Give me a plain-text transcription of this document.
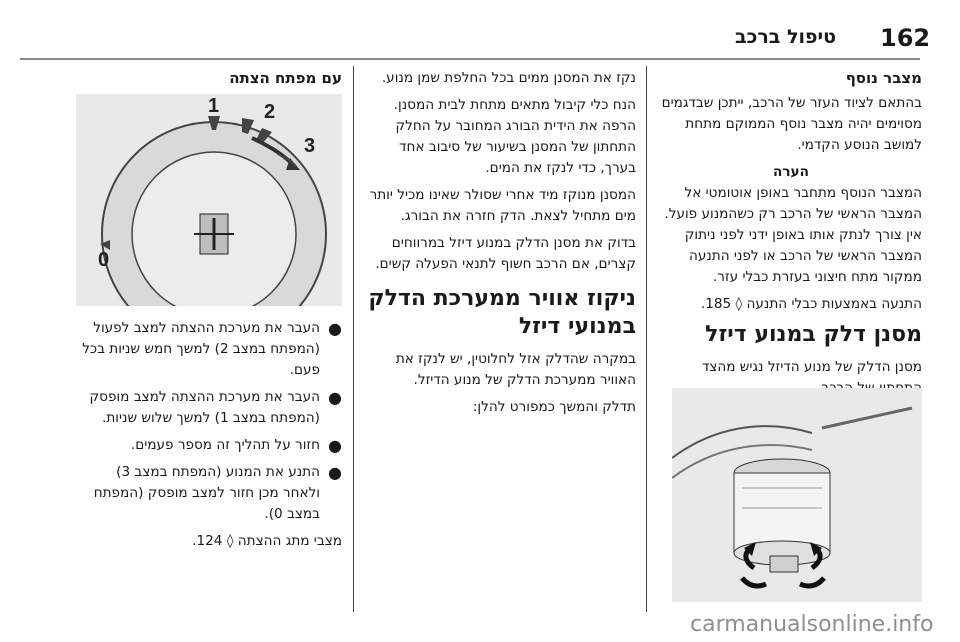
162
טיפול ברכב
מצבר נוסף

בהתאם לציוד העזר של הרכב, ייתכן שבדגמים מסוימים יהיה מצבר נוסף הממוקם מתחת למושב הנוסע הקדמי.

הערה

המצבר הנוסף מתחבר באופן אוטומטי אל המצבר הראשי של הרכב רק כשהמנוע פועל. אין צורך לנתק אותו באופן ידני לפני ניתוק המצבר הראשי של הרכב או לפני התנעה ממקור מתח חיצוני בעזרת כבלי עזר.

התנעה באמצעות כבלי התנעה ◊ 185.

מסנן דלק במנוע דיזל

מסנן הדלק של מנוע הדיזל נגיש מהצד

נקז את המסנן ממים בכל החלפת שמן מנוע.

הנח כלי קיבול מתאים מתחת לבית המסנן. הרפה את הידית הבורג המחובר על החלק התחתון של המסנן בשיעור של סיבוב אחד בערך, כדי לנקז את המים.

המסנן מנוקז מיד אחרי שסולר שאינו מכיל יותר מים מתחיל לצאת. הדק חזרה את הבורג.

בדוק את מסנן הדלק במנוע דיזל במרווחים קצרים, אם הרכב חשוף לתנאי הפעלה קשים.

ניקוז אוויר ממערכת הדלק במנועי דיזל

במקרה שהדלק אזל לחלוטין, יש לנקז את האוויר ממערכת הדלק של מנוע הדיזל.

תדלק והמשך כמפורט להלן:

עם מפתח הצתה
1 2
3
0
●
העבר את מערכת ההצתה למצב לפעול (המפתח במצב 2) למשך חמש שניות בכל פעם.
●
העבר את מערכת ההצתה למצב מופסק (המפתח במצב 1) למשך שלוש שניות.
●
חזור על תהליך זה מספר פעמים.
●
התנע את המנוע (המפתח במצב 3) ולאחר מכן חזור למצב מופסק (המפתח במצב 0).

מצבי מתג ההצתה ◊ 124.

carmanualsonline.info
